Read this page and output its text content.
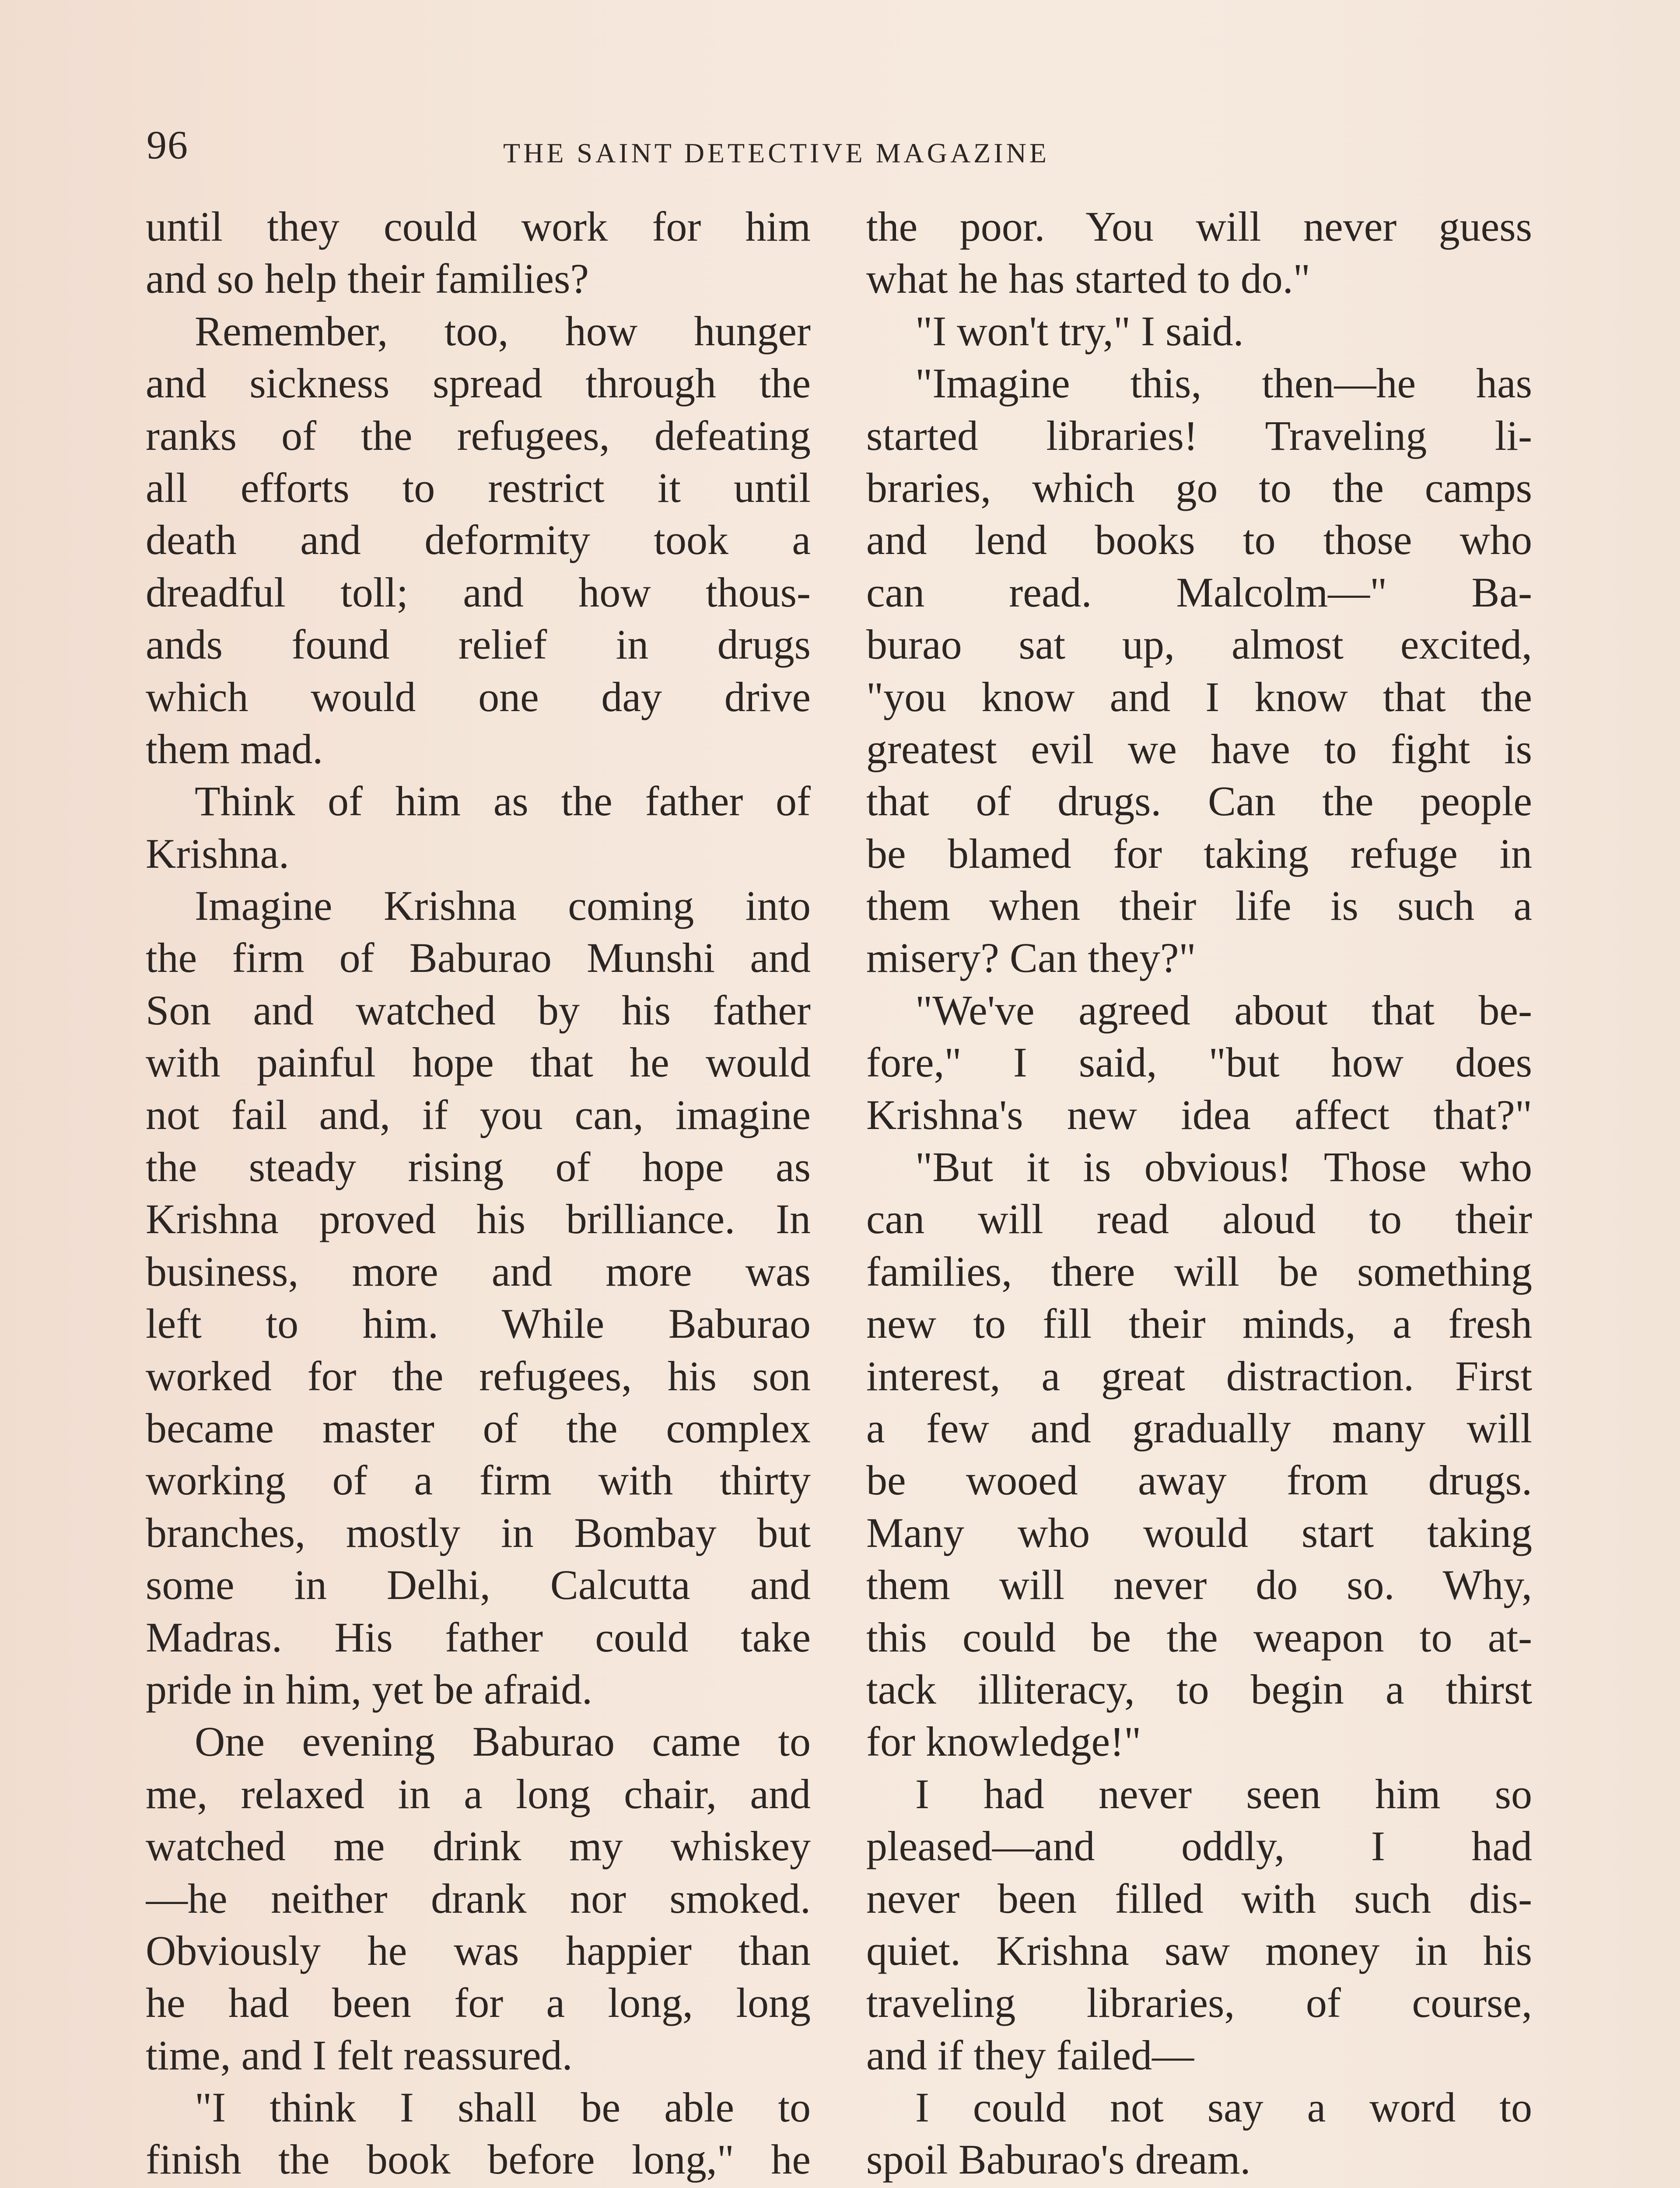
96	THE SAINT DETECTIVE MAGAZINE
until they could work for him
and so help their families?
Remember, too, how hunger
and sickness spread through the
ranks of the refugees, defeating
all efforts to restrict it until
death and deformity took a
dreadful toll; and how thous-
ands found relief in drugs
which would one day drive
them mad.
Think of him as the father of
Krishna.
Imagine Krishna coming into
the firm of Baburao Munshi and
Son and watched by his father
with painful hope that he would
not fail and, if you can, imagine
the steady rising of hope as
Krishna proved his brilliance. In
business, more and more was
left to him. While Baburao
worked for the refugees, his son
became master of the complex
working of a firm with thirty
branches, mostly in Bombay but
some in Delhi, Calcutta and
Madras. His father could take
pride in him, yet be afraid.
One evening Baburao came to
me, relaxed in a long chair, and
watched me drink my whiskey
—he neither drank nor smoked.
Obviously he was happier than
he had been for a long, long
time, and I felt reassured.
"I think I shall be able to
finish the book before long," he
the poor. You will never guess
what he has started to do."
"I won't try," I said.
"Imagine this, then—he has
started libraries! Traveling li-
braries, which go to the camps
and lend books to those who
can read. Malcolm—" Ba-
burao sat up, almost excited,
"you know and I know that the
greatest evil we have to fight is
that of drugs. Can the people
be blamed for taking refuge in
them when their life is such a
misery? Can they?"
"We've agreed about that be-
fore," I said, "but how does
Krishna's new idea affect that?"
"But it is obvious! Those who
can will read aloud to their
families, there will be something
new to fill their minds, a fresh
interest, a great distraction. First
a few and gradually many will
be wooed away from drugs.
Many who would start taking
them will never do so. Why,
this could be the weapon to at-
tack illiteracy, to begin a thirst
for knowledge!"
I had never seen him so
pleased—and oddly, I had
never been filled with such dis-
quiet. Krishna saw money in his
traveling libraries, of course,
and if they failed—
I could not say a word to
spoil Baburao's dream.
